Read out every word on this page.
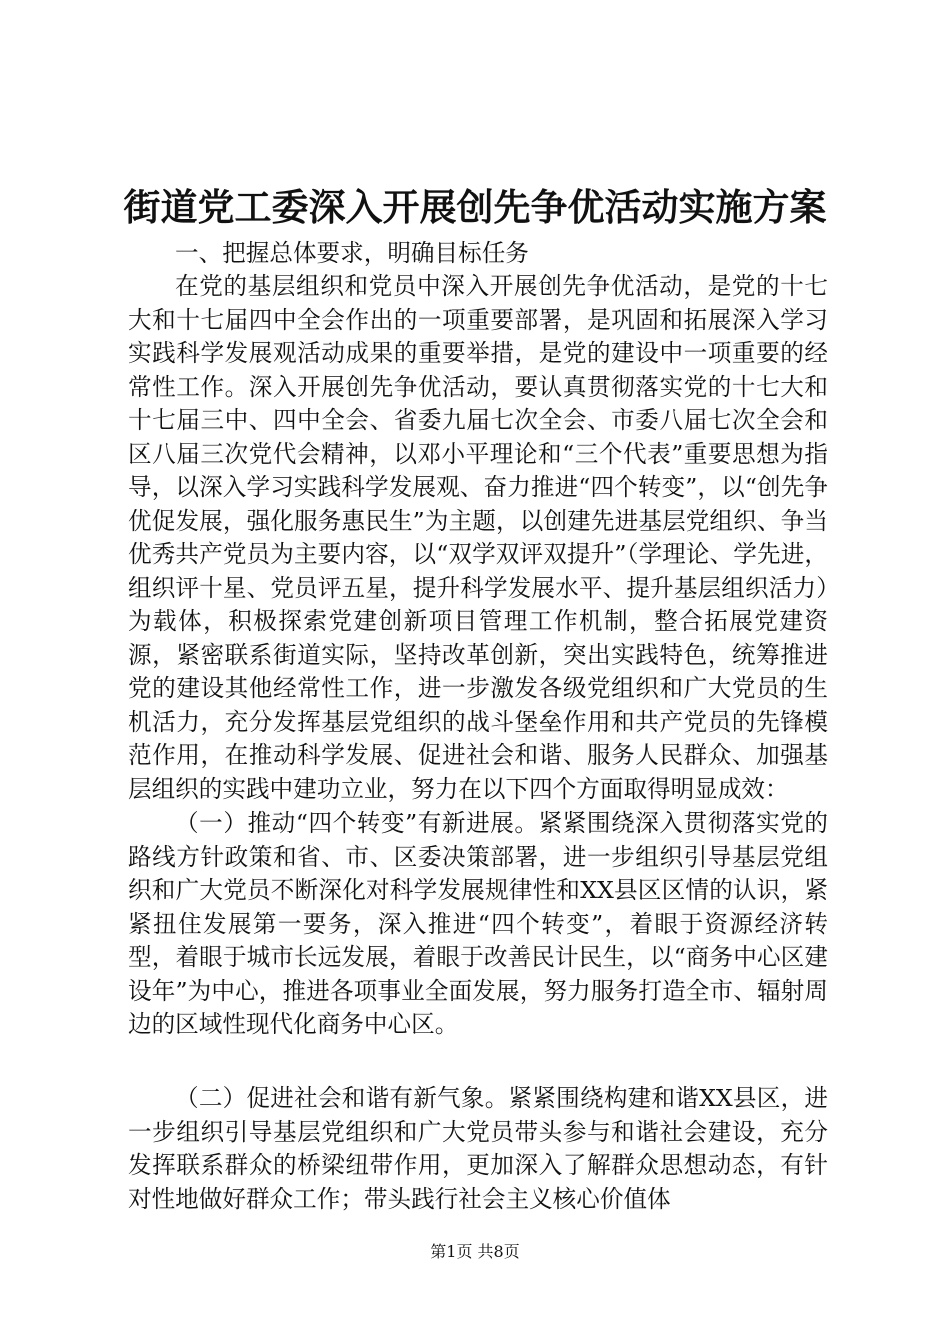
街道党工委深入开展创先争优活动实施方案

一、把握总体要求，明确目标任务

在党的基层组织和党员中深入开展创先争优活动，是党的十七大和十七届四中全会作出的一项重要部署，是巩固和拓展深入学习实践科学发展观活动成果的重要举措，是党的建设中一项重要的经常性工作。深入开展创先争优活动，要认真贯彻落实党的十七大和十七届三中、四中全会、省委九届七次全会、市委八届七次全会和区八届三次党代会精神，以邓小平理论和“三个代表”重要思想为指导，以深入学习实践科学发展观、奋力推进“四个转变”，以“创先争优促发展，强化服务惠民生”为主题，以创建先进基层党组织、争当优秀共产党员为主要内容，以“双学双评双提升”（学理论、学先进，组织评十星、党员评五星，提升科学发展水平、提升基层组织活力）为载体，积极探索党建创新项目管理工作机制，整合拓展党建资源，紧密联系街道实际，坚持改革创新，突出实践特色，统筹推进党的建设其他经常性工作，进一步激发各级党组织和广大党员的生机活力，充分发挥基层党组织的战斗堡垒作用和共产党员的先锋模范作用，在推动科学发展、促进社会和谐、服务人民群众、加强基层组织的实践中建功立业，努力在以下四个方面取得明显成效：

（一）推动“四个转变”有新进展。紧紧围绕深入贯彻落实党的路线方针政策和省、市、区委决策部署，进一步组织引导基层党组织和广大党员不断深化对科学发展规律性和XX县区区情的认识，紧紧扭住发展第一要务，深入推进“四个转变”，着眼于资源经济转型，着眼于城市长远发展，着眼于改善民计民生，以“商务中心区建设年”为中心，推进各项事业全面发展，努力服务打造全市、辐射周边的区域性现代化商务中心区。

（二）促进社会和谐有新气象。紧紧围绕构建和谐XX县区，进一步组织引导基层党组织和广大党员带头参与和谐社会建设，充分发挥联系群众的桥梁纽带作用，更加深入了解群众思想动态，有针对性地做好群众工作；带头践行社会主义核心价值体

第1页 共8页
